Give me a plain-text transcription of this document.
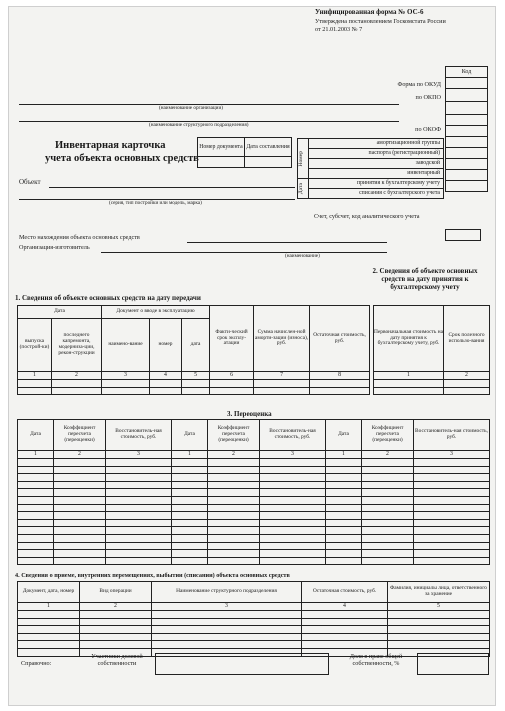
Унифицированная форма № ОС-6
Утверждена постановлением Госкомстата России
от 21.01.2003 № 7
Код

Форма по ОКУД
по ОКПО
по ОКОФ
(наименование организации)
(наименование структурного подразделения)
Инвентарная карточка
учета объекта основных средств
Номер документа	Дата составления

Номер	амортизационной группы
	паспорта (регистрационный)
	заводской
	инвентарный

Дата	принятия к бухгалтерскому учету
	списания с бухгалтерского учета
Счет, субсчет, код аналитического учета
Объект
(серия, тип постройки или модель, марка)
Место нахождения объекта основных средств
Организация-изготовитель
(наименование)
2. Сведения об объекте основных средств на дату принятия к бухгалтерскому учету
1. Сведения об объекте основных средств на дату передачи
Дата		Документ о вводе в эксплуатацию			Факти-ческий срок эксплу-атации	Сумма начислен-ной аморти-зации (износа), руб.	Остаточная стоимость, руб.
выпуска (построй-ки)	последнего капремонта, модерниза-ции, рекон-струкции	наимено-вание	номер	дата			
1	2	3	4	5	6	7	8

Первоначальная стоимость на дату принятия к бухгалтерскому учету, руб.	Срок полезного использо-вания
1	2

3. Переоценка
Дата	Коэффициент пересчета (переоценки)	Восстановитель-ная стоимость, руб.	Дата	Коэффициент пересчета (переоценки)	Восстановитель-ная стоимость, руб.	Дата	Коэффициент пересчета (переоценки)	Восстановитель-ная стоимость, руб.
1	2	3	1	2	3	1	2	3

4. Сведения о приеме, внутренних перемещениях, выбытии (списании) объекта основных средств
Документ, дата, номер	Вид операции	Наименование структурного подразделения	Остаточная стоимость, руб.	Фамилия, инициалы лица, ответственного за хранение
1	2	3	4	5

Справочно:
Участники долевой собственности
Доля в праве общей собственности, %
